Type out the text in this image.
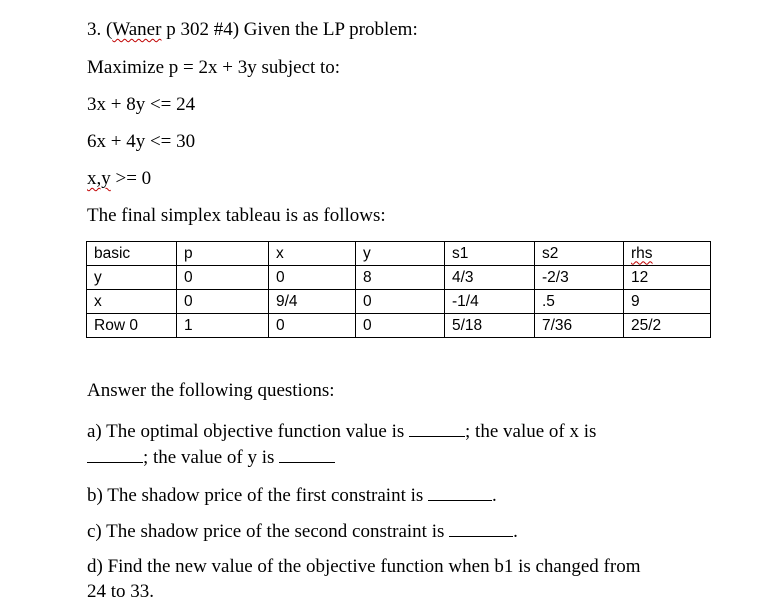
3. (Waner p 302 #4) Given the LP problem:
Maximize p = 2x + 3y subject to:
3x + 8y <= 24
6x + 4y <= 30
x,y >= 0
The final simplex tableau is as follows:
basic	p	x	y	s1	s2	rhs
y	0	0	8	4/3	-2/3	12
x	0	9/4	0	-1/4	.5	9
Row 0	1	0	0	5/18	7/36	25/2
Answer the following questions:
a) The optimal objective function value is	; the value of x is
; the value of y is
b) The shadow price of the first constraint is	.
c) The shadow price of the second constraint is	.
d) Find the new value of the objective function when b1 is changed from
24 to 33.
